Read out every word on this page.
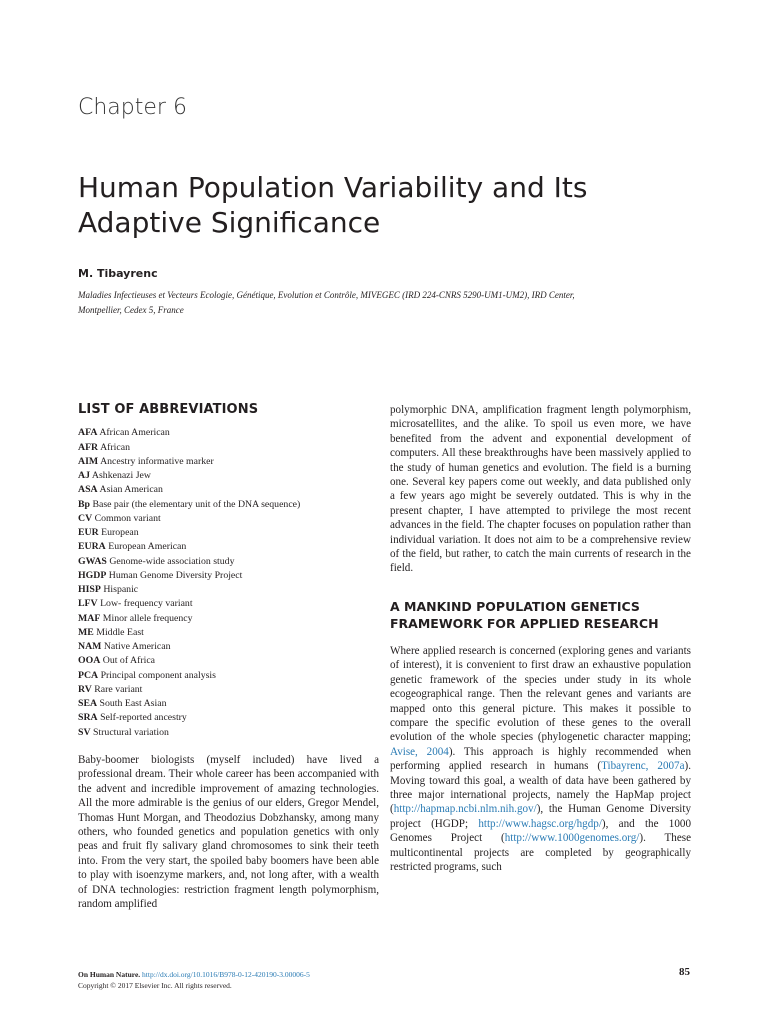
Chapter 6
Human Population Variability and Its
Adaptive Significance
M. Tibayrenc
Maladies Infectieuses et Vecteurs Ecologie, Génétique, Evolution et Contrôle, MIVEGEC (IRD 224-CNRS 5290-UM1-UM2), IRD Center,
Montpellier, Cedex 5, France
LIST OF ABBREVIATIONS
AFA African American
AFR African
AIM Ancestry informative marker
AJ Ashkenazi Jew
ASA Asian American
Bp Base pair (the elementary unit of the DNA sequence)
CV Common variant
EUR European
EURA European American
GWAS Genome-wide association study
HGDP Human Genome Diversity Project
HISP Hispanic
LFV Low- frequency variant
MAF Minor allele frequency
ME Middle East
NAM Native American
OOA Out of Africa
PCA Principal component analysis
RV Rare variant
SEA South East Asian
SRA Self-reported ancestry
SV Structural variation

Baby-boomer biologists (myself included) have lived a professional dream. Their whole career has been accompanied with the advent and incredible improvement of amazing technologies. All the more admirable is the genius of our elders, Gregor Mendel, Thomas Hunt Morgan, and Theodozius Dobzhansky, among many others, who founded genetics and population genetics with only peas and fruit fly salivary gland chromosomes to sink their teeth into. From the very start, the spoiled baby boomers have been able to play with isoenzyme markers, and, not long after, with a wealth of DNA technologies: restriction fragment length polymorphism, random amplified

polymorphic DNA, amplification fragment length polymorphism, microsatellites, and the alike. To spoil us even more, we have benefited from the advent and exponential development of computers. All these breakthroughs have been massively applied to the study of human genetics and evolution. The field is a burning one. Several key papers come out weekly, and data published only a few years ago might be severely outdated. This is why in the present chapter, I have attempted to privilege the most recent advances in the field. The chapter focuses on population rather than individual variation. It does not aim to be a comprehensive review of the field, but rather, to catch the main currents of research in the field.

A MANKIND POPULATION GENETICS
FRAMEWORK FOR APPLIED RESEARCH

Where applied research is concerned (exploring genes and variants of interest), it is convenient to first draw an exhaustive population genetic framework of the species under study in its whole ecogeographical range. Then the relevant genes and variants are mapped onto this general picture. This makes it possible to compare the specific evolution of these genes to the overall evolution of the whole species (phylogenetic character mapping; Avise, 2004). This approach is highly recommended when performing applied research in humans (Tibayrenc, 2007a). Moving toward this goal, a wealth of data have been gathered by three major international projects, namely the HapMap project (http://hapmap.ncbi.nlm.nih.gov/), the Human Genome Diversity project (HGDP; http://www.hagsc.org/hgdp/), and the 1000 Genomes Project (http://www.1000genomes.org/). These multicontinental projects are completed by geographically restricted programs, such

On Human Nature. http://dx.doi.org/10.1016/B978-0-12-420190-3.00006-5
Copyright © 2017 Elsevier Inc. All rights reserved.
85
